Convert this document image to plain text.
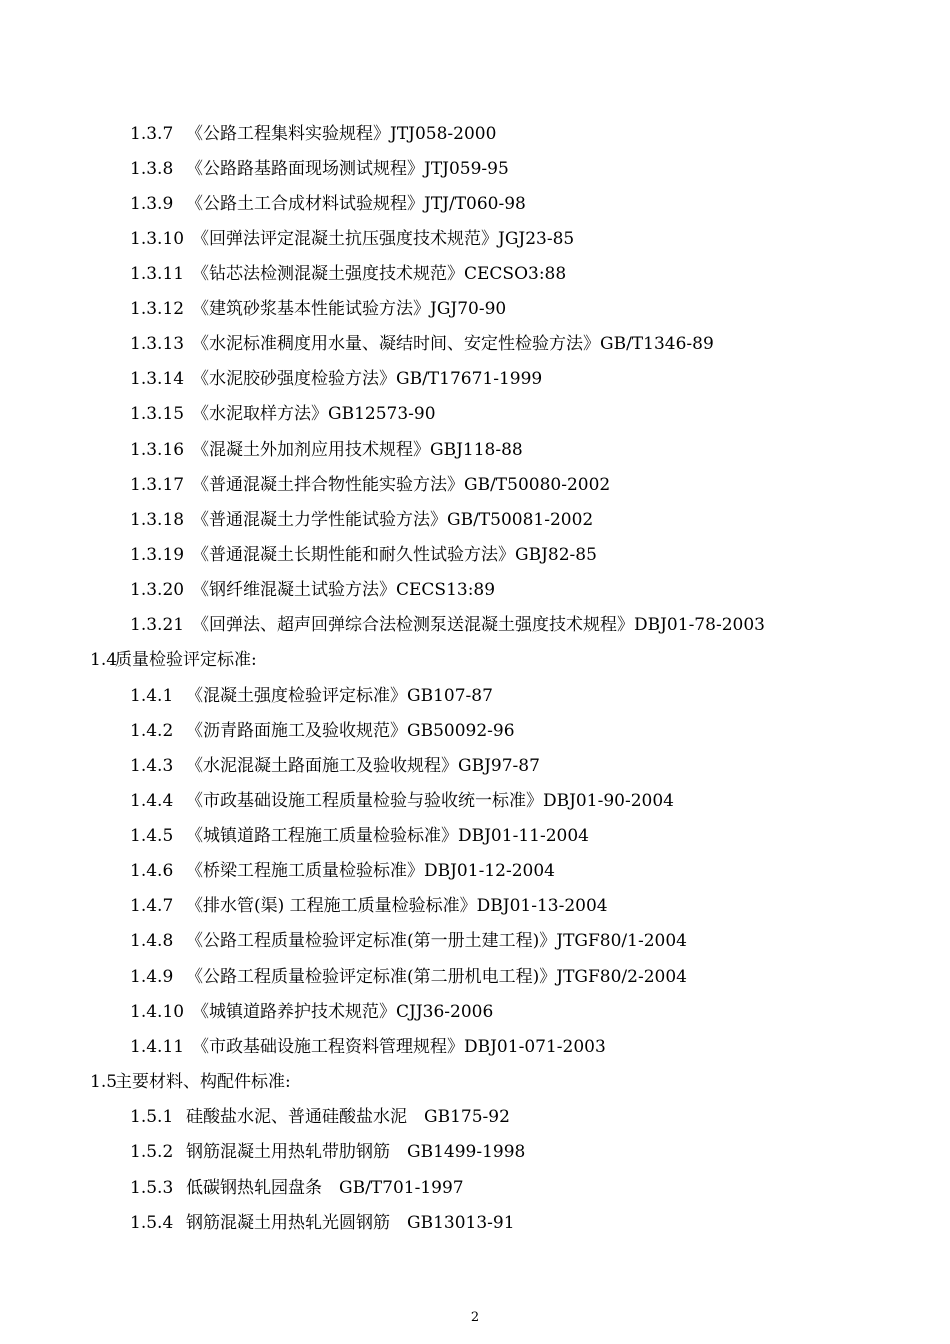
1.3.7 《公路工程集料实验规程》JTJ058-2000
1.3.8 《公路路基路面现场测试规程》JTJ059-95
1.3.9 《公路土工合成材料试验规程》JTJ/T060-98
1.3.10 《回弹法评定混凝土抗压强度技术规范》JGJ23-85
1.3.11 《钻芯法检测混凝土强度技术规范》CECSO3:88
1.3.12 《建筑砂浆基本性能试验方法》JGJ70-90
1.3.13 《水泥标准稠度用水量、凝结时间、安定性检验方法》GB/T1346-89
1.3.14 《水泥胶砂强度检验方法》GB/T17671-1999
1.3.15 《水泥取样方法》GB12573-90
1.3.16 《混凝土外加剂应用技术规程》GBJ118-88
1.3.17 《普通混凝土拌合物性能实验方法》GB/T50080-2002
1.3.18 《普通混凝土力学性能试验方法》GB/T50081-2002
1.3.19 《普通混凝土长期性能和耐久性试验方法》GBJ82-85
1.3.20 《钢纤维混凝土试验方法》CECS13:89
1.3.21 《回弹法、超声回弹综合法检测泵送混凝土强度技术规程》DBJ01-78-2003
1.4质量检验评定标准:
1.4.1 《混凝土强度检验评定标准》GB107-87
1.4.2 《沥青路面施工及验收规范》GB50092-96
1.4.3 《水泥混凝土路面施工及验收规程》GBJ97-87
1.4.4 《市政基础设施工程质量检验与验收统一标准》DBJ01-90-2004
1.4.5 《城镇道路工程施工质量检验标准》DBJ01-11-2004
1.4.6 《桥梁工程施工质量检验标准》DBJ01-12-2004
1.4.7 《排水管(渠) 工程施工质量检验标准》DBJ01-13-2004
1.4.8 《公路工程质量检验评定标准(第一册土建工程)》JTGF80/1-2004
1.4.9 《公路工程质量检验评定标准(第二册机电工程)》JTGF80/2-2004
1.4.10 《城镇道路养护技术规范》CJJ36-2006
1.4.11 《市政基础设施工程资料管理规程》DBJ01-071-2003
1.5主要材料、构配件标准:
1.5.1 硅酸盐水泥、普通硅酸盐水泥　GB175-92
1.5.2 钢筋混凝土用热轧带肋钢筋　GB1499-1998
1.5.3 低碳钢热轧园盘条　GB/T701-1997
1.5.4 钢筋混凝土用热轧光圆钢筋　GB13013-91
2
